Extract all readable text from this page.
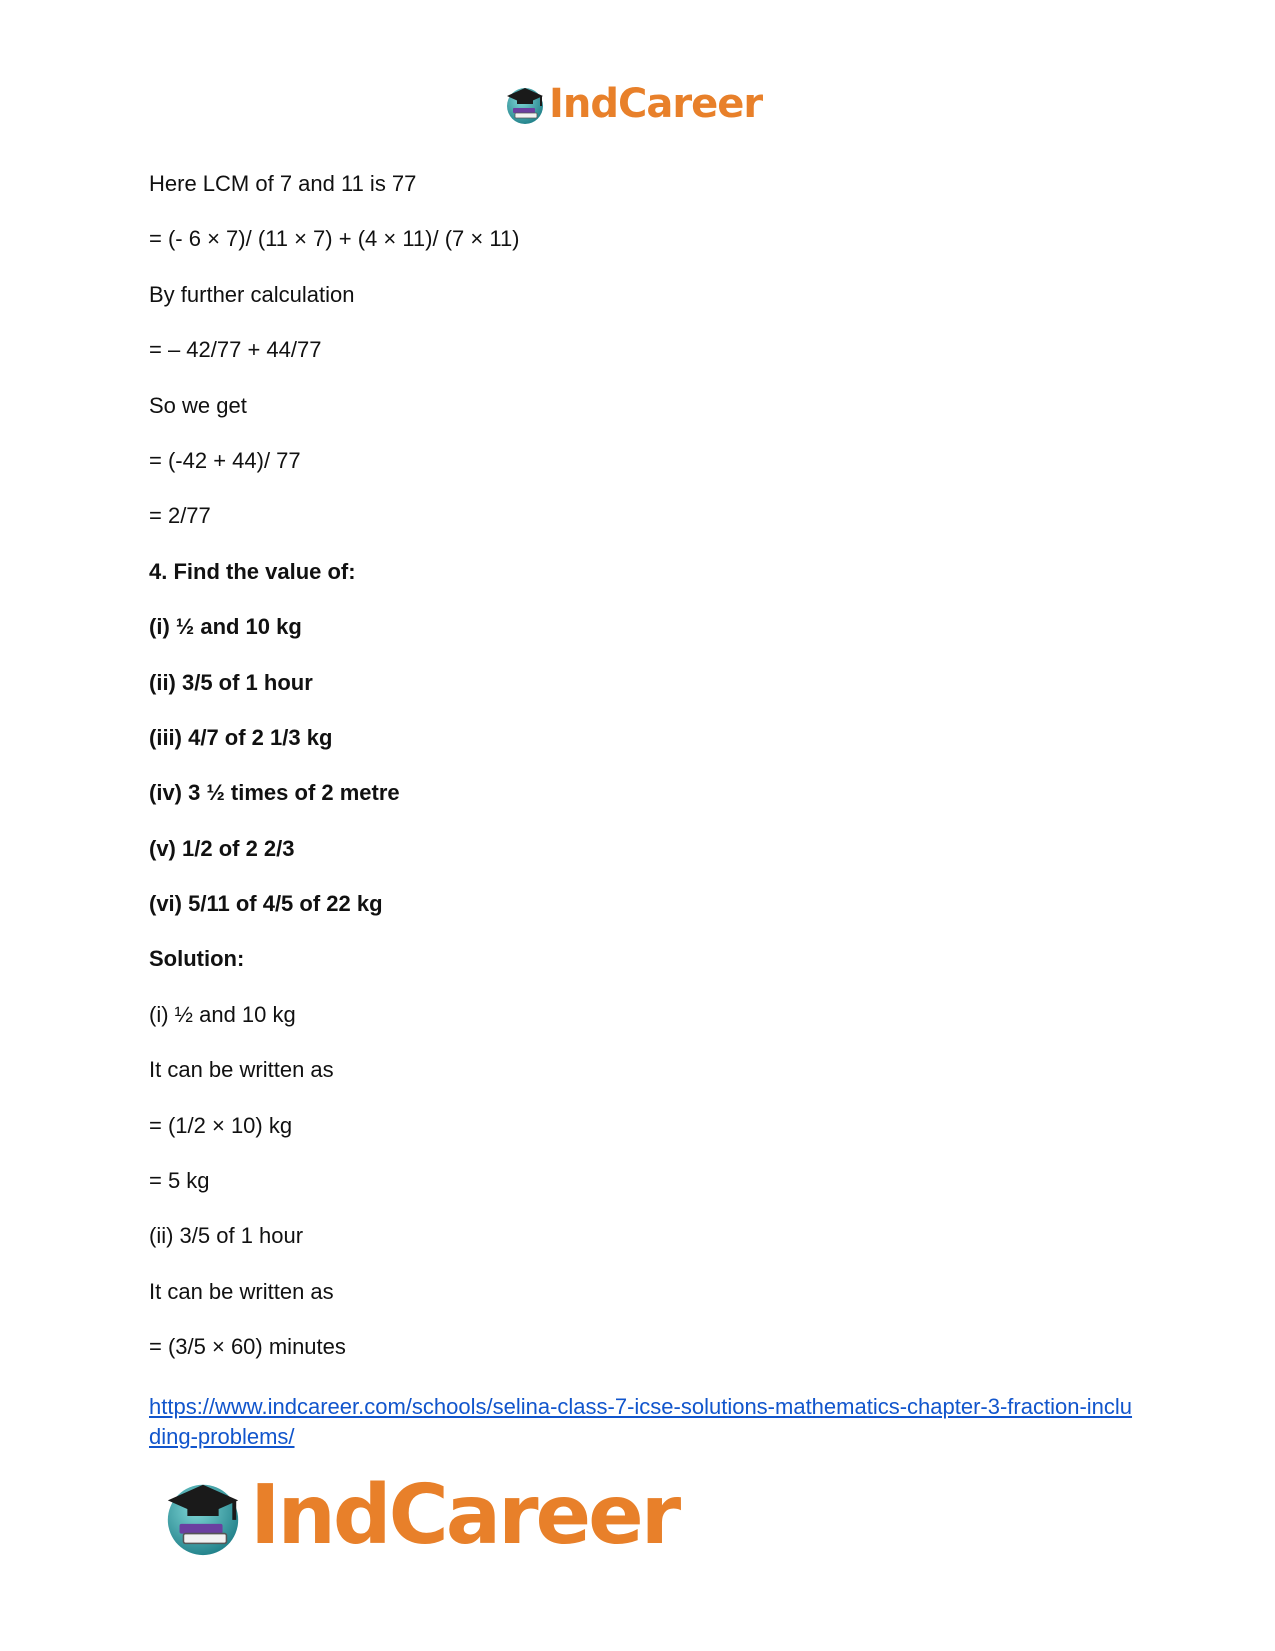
IndCareer
Here LCM of 7 and 11 is 77
= (- 6 × 7)/ (11 × 7) + (4 × 11)/ (7 × 11)
By further calculation
= – 42/77 + 44/77
So we get
= (-42 + 44)/ 77
= 2/77
4. Find the value of:
(i) ½ and 10 kg
(ii) 3/5 of 1 hour
(iii) 4/7 of 2 1/3 kg
(iv) 3 ½ times of 2 metre
(v) 1/2 of 2 2/3
(vi) 5/11 of 4/5 of 22 kg
Solution:
(i) ½ and 10 kg
It can be written as
= (1/2 × 10) kg
= 5 kg
(ii) 3/5 of 1 hour
It can be written as
= (3/5 × 60) minutes
https://www.indcareer.com/schools/selina-class-7-icse-solutions-mathematics-chapter-3-fraction-including-problems/
IndCareer
